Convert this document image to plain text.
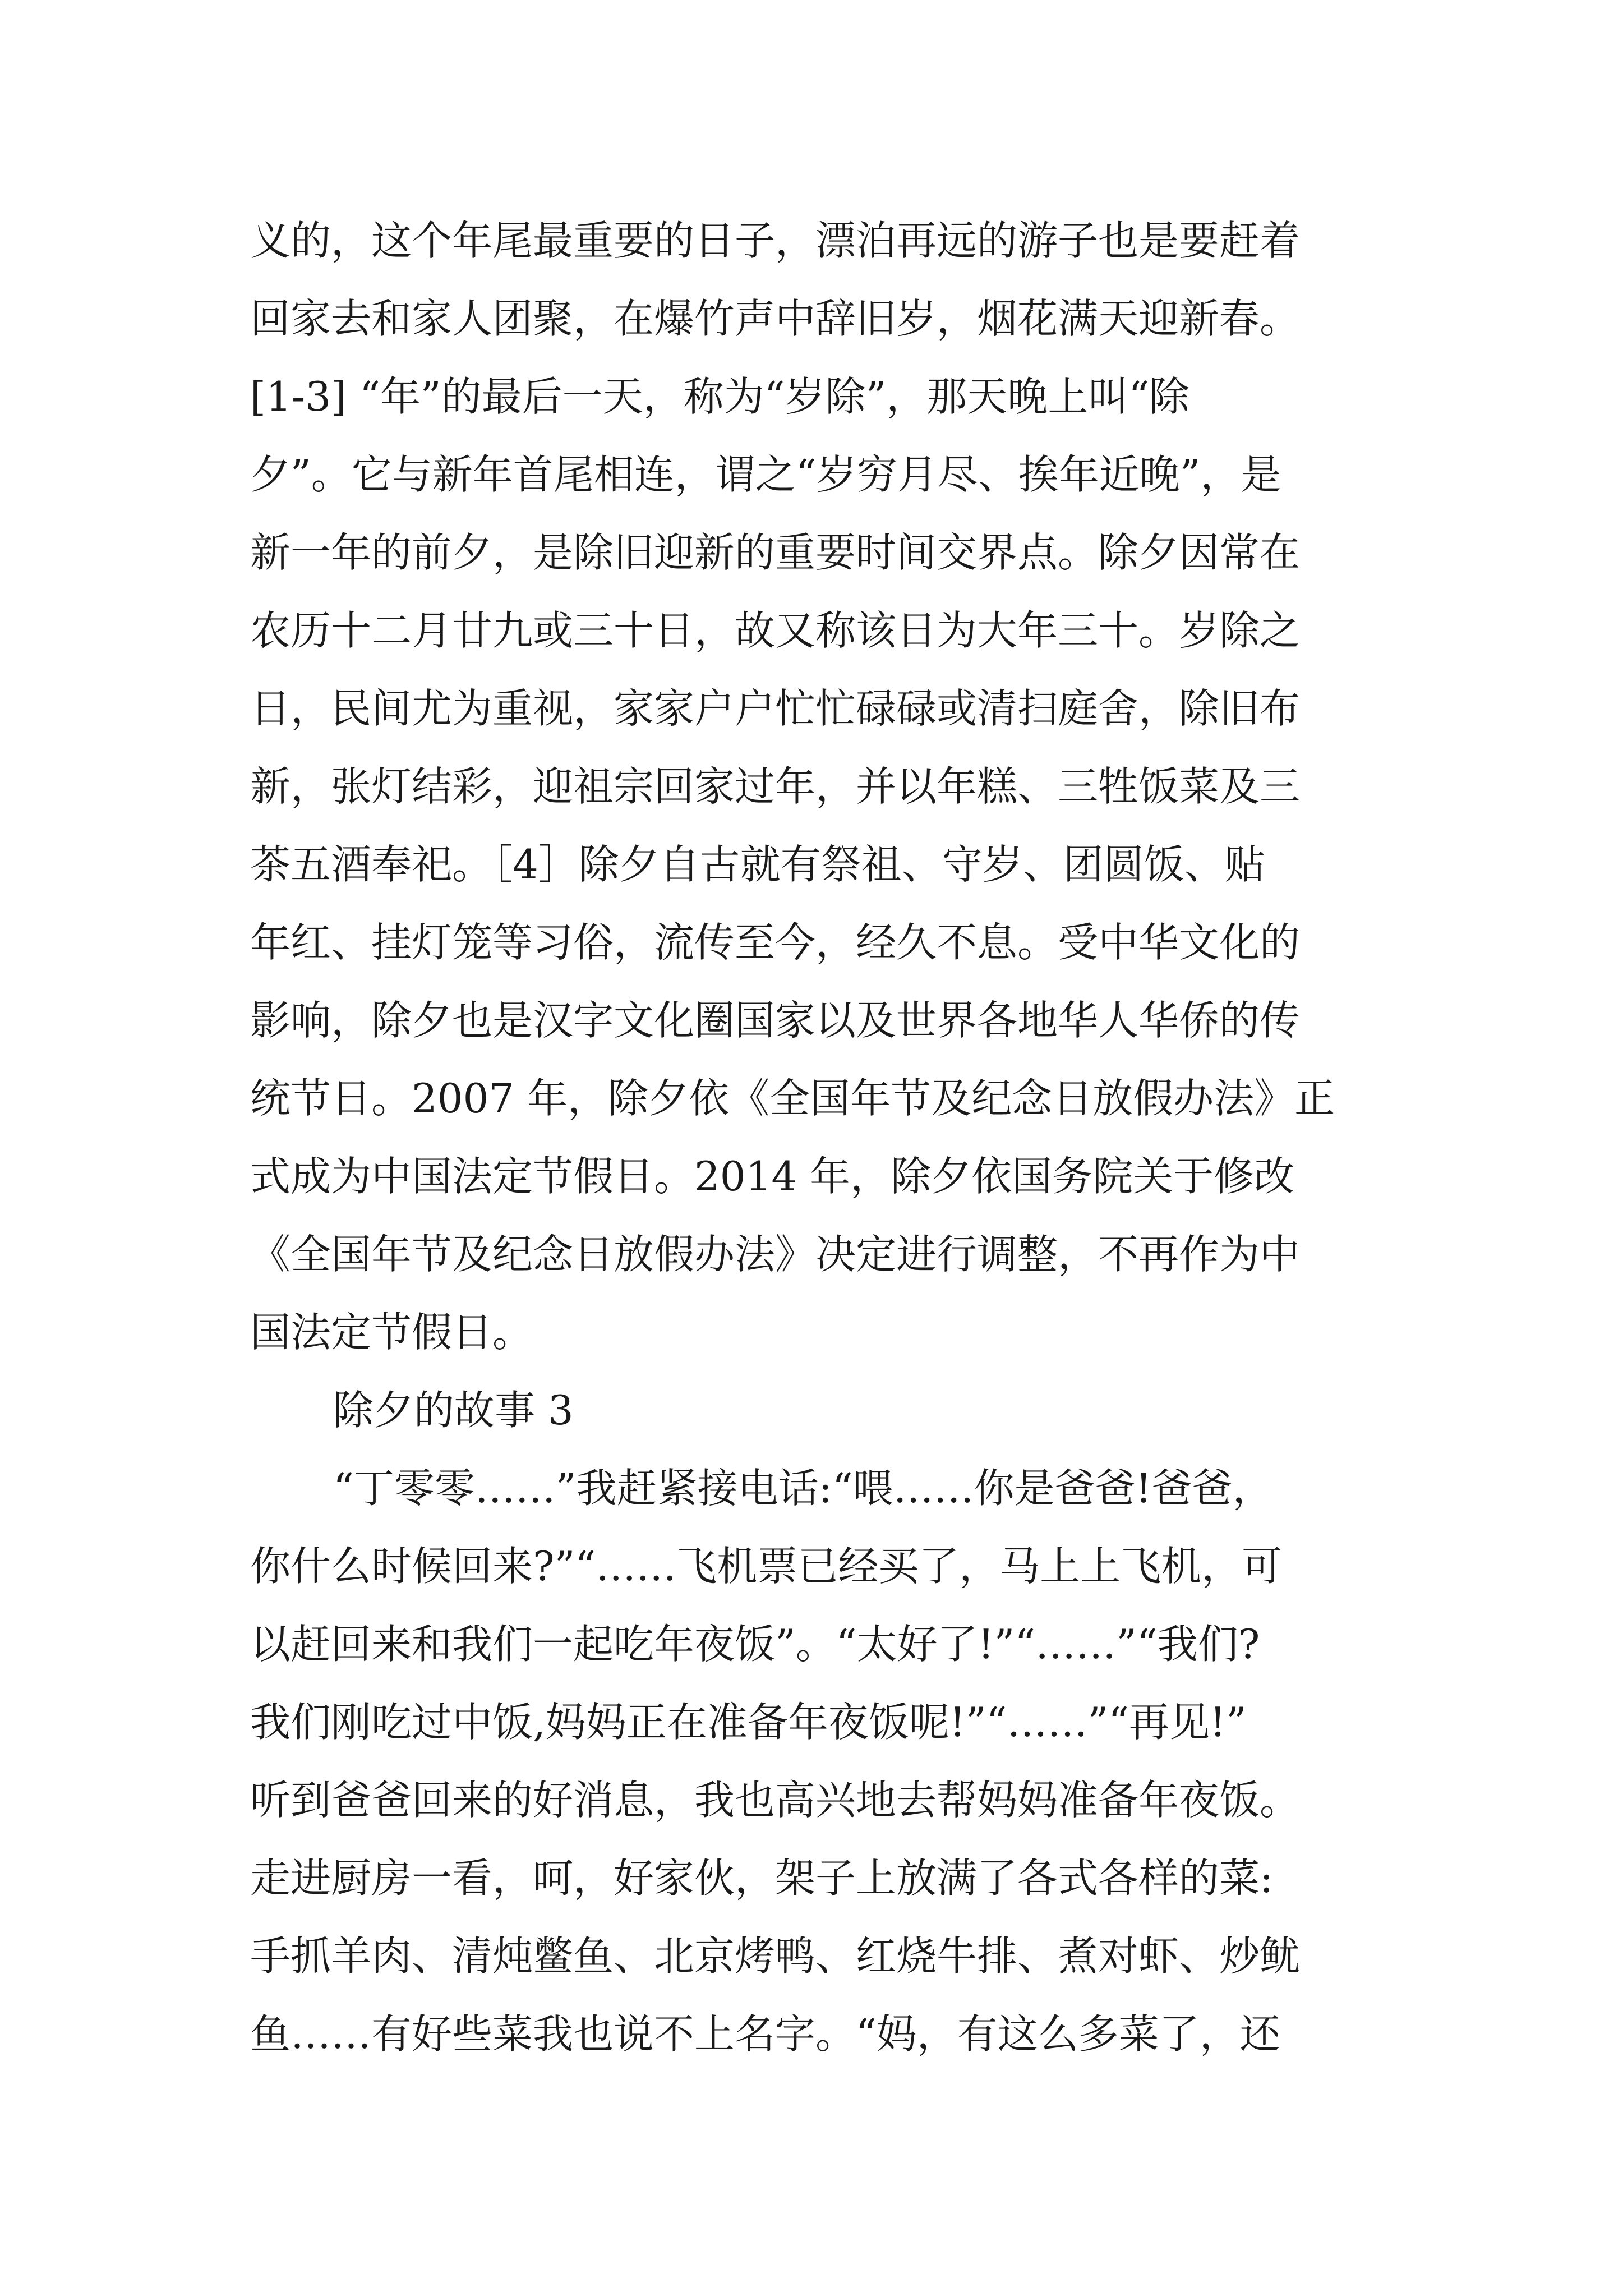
义的，这个年尾最重要的日子，漂泊再远的游子也是要赶着
回家去和家人团聚，在爆竹声中辞旧岁，烟花满天迎新春。
[1-3] “年”的最后一天，称为“岁除”，那天晚上叫“除
夕”。它与新年首尾相连，谓之“岁穷月尽、挨年近晚”，是
新一年的前夕，是除旧迎新的重要时间交界点。除夕因常在
农历十二月廿九或三十日，故又称该日为大年三十。岁除之
日，民间尤为重视，家家户户忙忙碌碌或清扫庭舍，除旧布
新，张灯结彩，迎祖宗回家过年，并以年糕、三牲饭菜及三
茶五酒奉祀。［4］除夕自古就有祭祖、守岁、团圆饭、贴
年红、挂灯笼等习俗，流传至今，经久不息。受中华文化的
影响，除夕也是汉字文化圈国家以及世界各地华人华侨的传
统节日。2007 年，除夕依《全国年节及纪念日放假办法》正
式成为中国法定节假日。2014 年，除夕依国务院关于修改
《全国年节及纪念日放假办法》决定进行调整，不再作为中
国法定节假日。
除夕的故事 3
“丁零零……”我赶紧接电话:“喂……你是爸爸!爸爸，
你什么时候回来?”“……飞机票已经买了，马上上飞机，可
以赶回来和我们一起吃年夜饭”。“太好了!”“……”“我们?
我们刚吃过中饭,妈妈正在准备年夜饭呢!”“……”“再见!”
听到爸爸回来的好消息，我也高兴地去帮妈妈准备年夜饭。
走进厨房一看，呵，好家伙，架子上放满了各式各样的菜:
手抓羊肉、清炖鳖鱼、北京烤鸭、红烧牛排、煮对虾、炒鱿
鱼……有好些菜我也说不上名字。“妈，有这么多菜了，还
